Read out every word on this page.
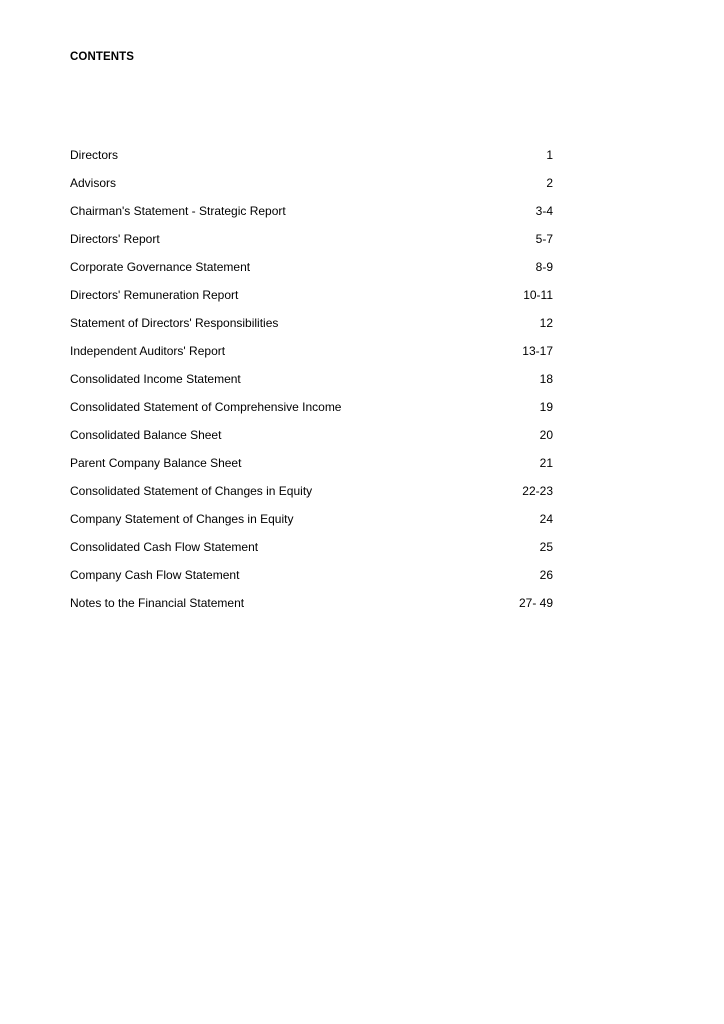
CONTENTS
Directors	1
Advisors	2
Chairman's Statement - Strategic Report	3-4
Directors' Report	5-7
Corporate Governance Statement	8-9
Directors' Remuneration Report	10-11
Statement of Directors' Responsibilities	12
Independent Auditors' Report	13-17
Consolidated Income Statement	18
Consolidated Statement of Comprehensive Income	19
Consolidated Balance Sheet	20
Parent Company Balance Sheet	21
Consolidated Statement of Changes in Equity	22-23
Company Statement of Changes in Equity	24
Consolidated Cash Flow Statement	25
Company Cash Flow Statement	26
Notes to the Financial Statement	27- 49
